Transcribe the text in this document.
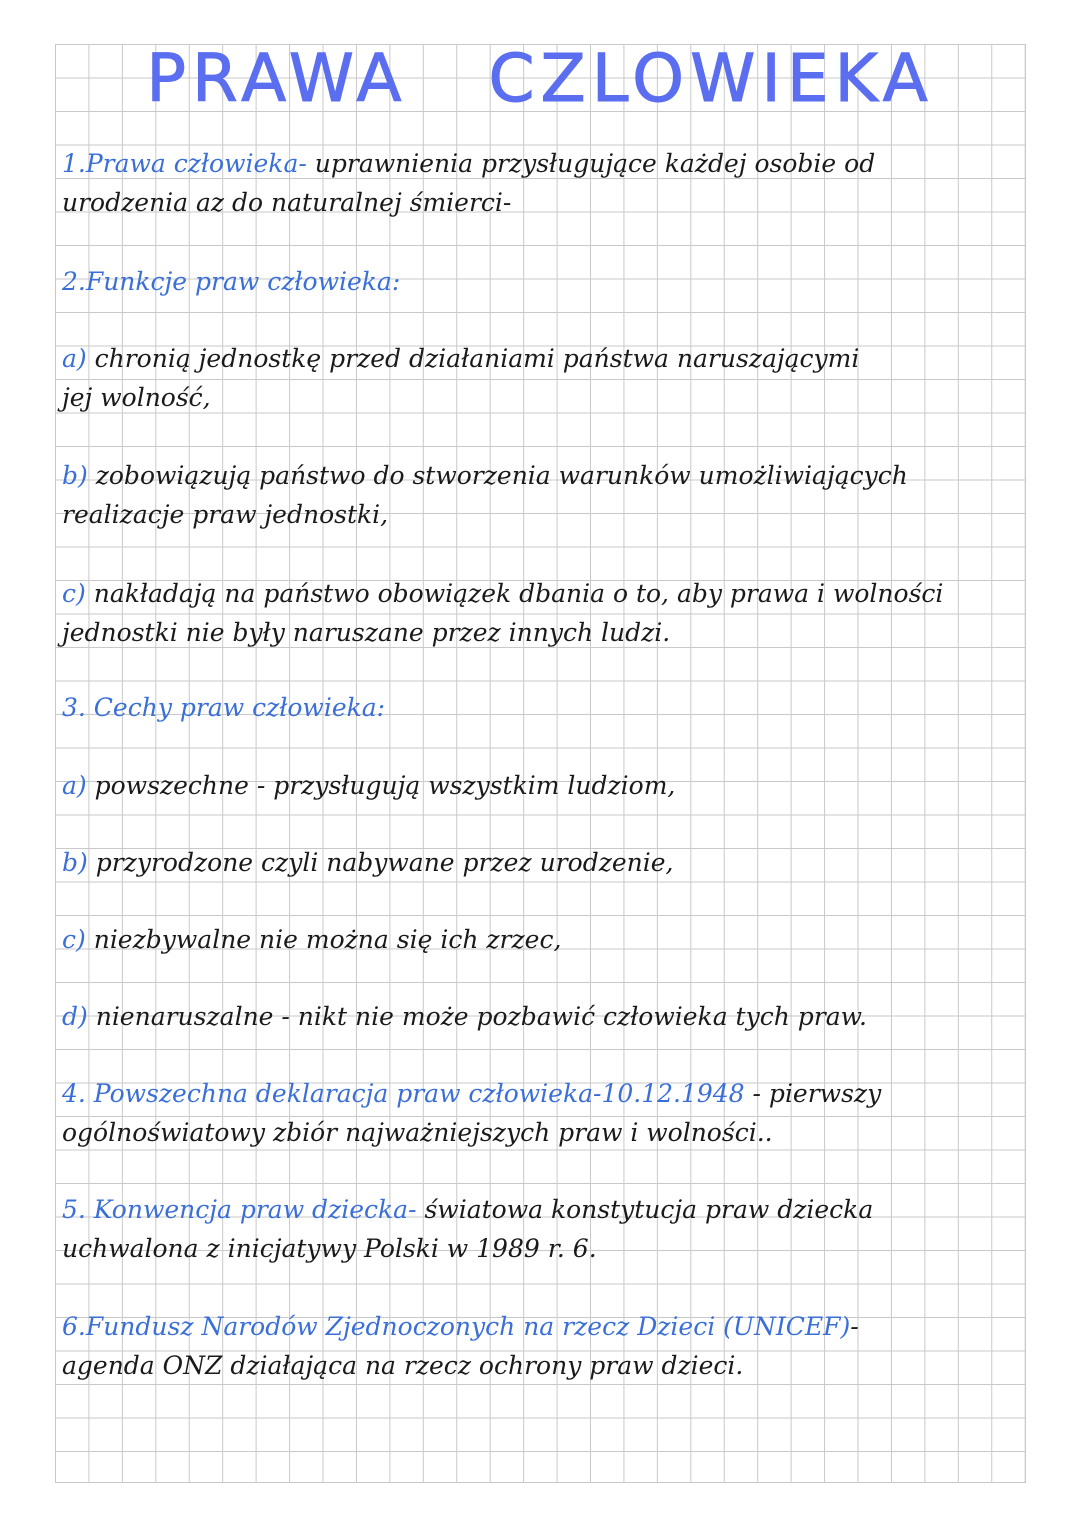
PRAWA   CZLOWIEKA
1.Prawa człowieka- uprawnienia przysługujące każdej osobie od
urodzenia az do naturalnej śmierci-
2.Funkcje praw człowieka:
a) chronią jednostkę przed działaniami państwa naruszającymi
jej wolność,
b) zobowiązują państwo do stworzenia warunków umożliwiających
realizacje praw jednostki,
c) nakładają na państwo obowiązek dbania o to, aby prawa i wolności
jednostki nie były naruszane przez innych ludzi.
3. Cechy praw człowieka:
a) powszechne - przysługują wszystkim ludziom,
b) przyrodzone czyli nabywane przez urodzenie,
c) niezbywalne nie można się ich zrzec,
d) nienaruszalne - nikt nie może pozbawić człowieka tych praw.
4. Powszechna deklaracja praw człowieka-10.12.1948 - pierwszy
ogólnoświatowy zbiór najważniejszych praw i wolności..
5. Konwencja praw dziecka- światowa konstytucja praw dziecka
uchwalona z inicjatywy Polski w 1989 r. 6.
6.Fundusz Narodów Zjednoczonych na rzecz Dzieci (UNICEF)-
agenda ONZ działająca na rzecz ochrony praw dzieci.
